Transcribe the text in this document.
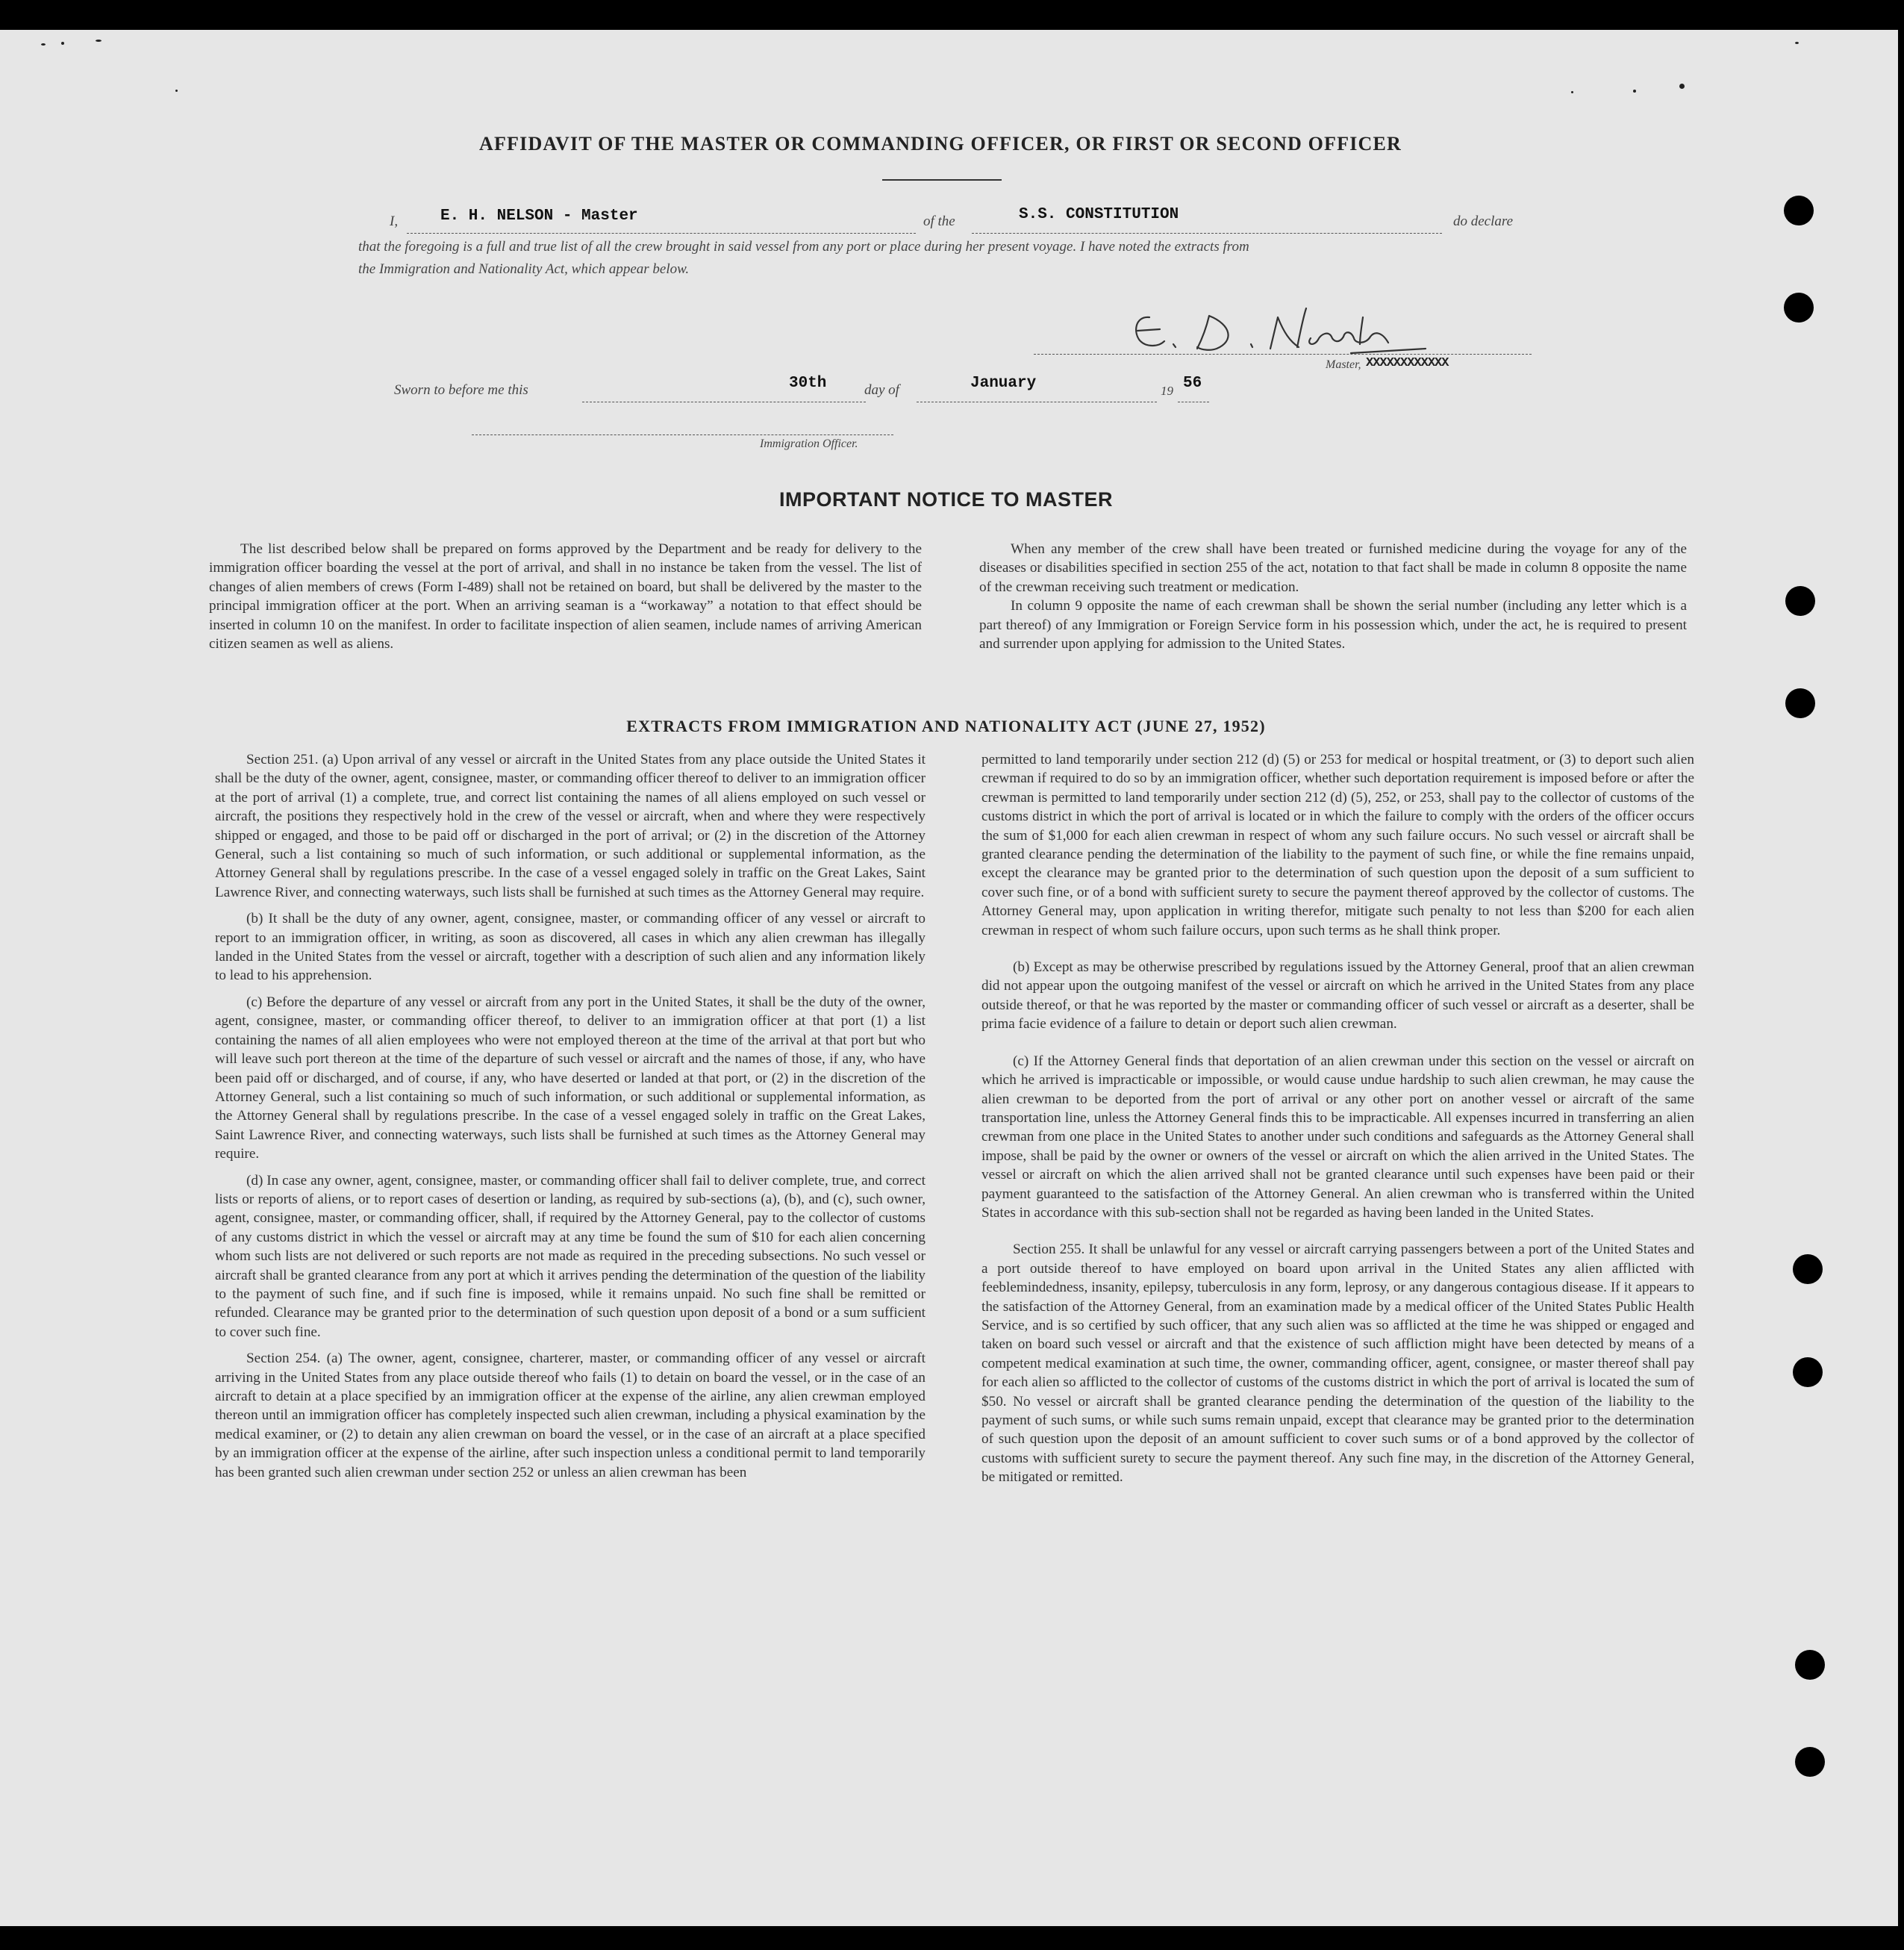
AFFIDAVIT OF THE MASTER OR COMMANDING OFFICER, OR FIRST OR SECOND OFFICER
I,	E. H. NELSON - Master	of the	S.S. CONSTITUTION	do declare
that the foregoing is a full and true list of all the crew brought in said vessel from any port or place during her present voyage. I have noted the extracts from
the Immigration and Nationality Act, which appear below.
Master, XXXXXXXXXXXX
Sworn to before me this	30th	day of	January	19 56
Immigration Officer.
IMPORTANT NOTICE TO MASTER

The list described below shall be prepared on forms approved by the Department and be ready for delivery to the immigration officer boarding the vessel at the port of arrival, and shall in no instance be taken from the vessel. The list of changes of alien members of crews (Form I-489) shall not be retained on board, but shall be delivered by the master to the principal immigration officer at the port. When an arriving seaman is a “workaway” a notation to that effect should be inserted in column 10 on the manifest. In order to facilitate inspection of alien seamen, include names of arriving American citizen seamen as well as aliens.

When any member of the crew shall have been treated or furnished medicine during the voyage for any of the diseases or disabilities specified in section 255 of the act, notation to that fact shall be made in column 8 opposite the name of the crewman receiving such treatment or medication.

In column 9 opposite the name of each crewman shall be shown the serial number (including any letter which is a part thereof) of any Immigration or Foreign Service form in his possession which, under the act, he is required to present and surrender upon applying for admission to the United States.

EXTRACTS FROM IMMIGRATION AND NATIONALITY ACT (JUNE 27, 1952)

Section 251. (a) Upon arrival of any vessel or aircraft in the United States from any place outside the United States it shall be the duty of the owner, agent, consignee, master, or commanding officer thereof to deliver to an immigration officer at the port of arrival (1) a complete, true, and correct list containing the names of all aliens employed on such vessel or aircraft, the positions they respectively hold in the crew of the vessel or aircraft, when and where they were respectively shipped or engaged, and those to be paid off or discharged in the port of arrival; or (2) in the discretion of the Attorney General, such a list containing so much of such information, or such additional or supplemental information, as the Attorney General shall by regulations prescribe. In the case of a vessel engaged solely in traffic on the Great Lakes, Saint Lawrence River, and connecting waterways, such lists shall be furnished at such times as the Attorney General may require.

(b) It shall be the duty of any owner, agent, consignee, master, or commanding officer of any vessel or aircraft to report to an immigration officer, in writing, as soon as discovered, all cases in which any alien crewman has illegally landed in the United States from the vessel or aircraft, together with a description of such alien and any information likely to lead to his apprehension.

(c) Before the departure of any vessel or aircraft from any port in the United States, it shall be the duty of the owner, agent, consignee, master, or commanding officer thereof, to deliver to an immigration officer at that port (1) a list containing the names of all alien employees who were not employed thereon at the time of the arrival at that port but who will leave such port thereon at the time of the departure of such vessel or aircraft and the names of those, if any, who have been paid off or discharged, and of course, if any, who have deserted or landed at that port, or (2) in the discretion of the Attorney General, such a list containing so much of such information, or such additional or supplemental information, as the Attorney General shall by regulations prescribe. In the case of a vessel engaged solely in traffic on the Great Lakes, Saint Lawrence River, and connecting waterways, such lists shall be furnished at such times as the Attorney General may require.

(d) In case any owner, agent, consignee, master, or commanding officer shall fail to deliver complete, true, and correct lists or reports of aliens, or to report cases of desertion or landing, as required by sub-sections (a), (b), and (c), such owner, agent, consignee, master, or commanding officer, shall, if required by the Attorney General, pay to the collector of customs of any customs district in which the vessel or aircraft may at any time be found the sum of $10 for each alien concerning whom such lists are not delivered or such reports are not made as required in the preceding subsections. No such vessel or aircraft shall be granted clearance from any port at which it arrives pending the determination of the question of the liability to the payment of such fine, and if such fine is imposed, while it remains unpaid. No such fine shall be remitted or refunded. Clearance may be granted prior to the determination of such question upon deposit of a bond or a sum sufficient to cover such fine.

Section 254. (a) The owner, agent, consignee, charterer, master, or commanding officer of any vessel or aircraft arriving in the United States from any place outside thereof who fails (1) to detain on board the vessel, or in the case of an aircraft to detain at a place specified by an immigration officer at the expense of the airline, any alien crewman employed thereon until an immigration officer has completely inspected such alien crewman, including a physical examination by the medical examiner, or (2) to detain any alien crewman on board the vessel, or in the case of an aircraft at a place specified by an immigration officer at the expense of the airline, after such inspection unless a conditional permit to land temporarily has been granted such alien crewman under section 252 or unless an alien crewman has been

permitted to land temporarily under section 212 (d) (5) or 253 for medical or hospital treatment, or (3) to deport such alien crewman if required to do so by an immigration officer, whether such deportation requirement is imposed before or after the crewman is permitted to land temporarily under section 212 (d) (5), 252, or 253, shall pay to the collector of customs of the customs district in which the port of arrival is located or in which the failure to comply with the orders of the officer occurs the sum of $1,000 for each alien crewman in respect of whom any such failure occurs. No such vessel or aircraft shall be granted clearance pending the determination of the liability to the payment of such fine, or while the fine remains unpaid, except the clearance may be granted prior to the determination of such question upon the deposit of a sum sufficient to cover such fine, or of a bond with sufficient surety to secure the payment thereof approved by the collector of customs. The Attorney General may, upon application in writing therefor, mitigate such penalty to not less than $200 for each alien crewman in respect of whom such failure occurs, upon such terms as he shall think proper.

(b) Except as may be otherwise prescribed by regulations issued by the Attorney General, proof that an alien crewman did not appear upon the outgoing manifest of the vessel or aircraft on which he arrived in the United States from any place outside thereof, or that he was reported by the master or commanding officer of such vessel or aircraft as a deserter, shall be prima facie evidence of a failure to detain or deport such alien crewman.

(c) If the Attorney General finds that deportation of an alien crewman under this section on the vessel or aircraft on which he arrived is impracticable or impossible, or would cause undue hardship to such alien crewman, he may cause the alien crewman to be deported from the port of arrival or any other port on another vessel or aircraft of the same transportation line, unless the Attorney General finds this to be impracticable. All expenses incurred in transferring an alien crewman from one place in the United States to another under such conditions and safeguards as the Attorney General shall impose, shall be paid by the owner or owners of the vessel or aircraft on which the alien arrived in the United States. The vessel or aircraft on which the alien arrived shall not be granted clearance until such expenses have been paid or their payment guaranteed to the satisfaction of the Attorney General. An alien crewman who is transferred within the United States in accordance with this sub-section shall not be regarded as having been landed in the United States.

Section 255. It shall be unlawful for any vessel or aircraft carrying passengers between a port of the United States and a port outside thereof to have employed on board upon arrival in the United States any alien afflicted with feeblemindedness, insanity, epilepsy, tuberculosis in any form, leprosy, or any dangerous contagious disease. If it appears to the satisfaction of the Attorney General, from an examination made by a medical officer of the United States Public Health Service, and is so certified by such officer, that any such alien was so afflicted at the time he was shipped or engaged and taken on board such vessel or aircraft and that the existence of such affliction might have been detected by means of a competent medical examination at such time, the owner, commanding officer, agent, consignee, or master thereof shall pay for each alien so afflicted to the collector of customs of the customs district in which the port of arrival is located the sum of $50. No vessel or aircraft shall be granted clearance pending the determination of the question of the liability to the payment of such sums, or while such sums remain unpaid, except that clearance may be granted prior to the determination of such question upon the deposit of an amount sufficient to cover such sums or of a bond approved by the collector of customs with sufficient surety to secure the payment thereof. Any such fine may, in the discretion of the Attorney General, be mitigated or remitted.
